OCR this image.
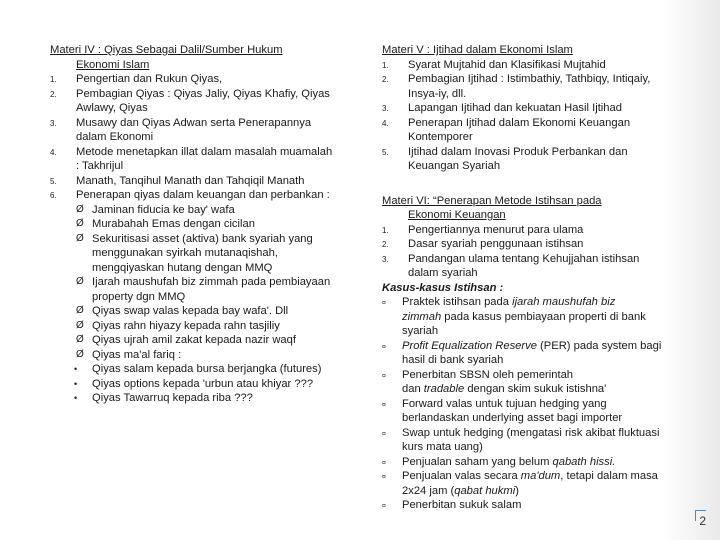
Materi IV : Qiyas Sebagai Dalil/Sumber Hukum
Ekonomi Islam

1. Pengertian dan Rukun Qiyas,
2. Pembagian Qiyas : Qiyas Jaliy, Qiyas Khafiy, Qiyas
Awlawy, Qiyas
3. Musawy dan Qiyas Adwan serta Penerapannya
dalam Ekonomi
4. Metode menetapkan illat dalam masalah muamalah
: Takhrijul
5. Manath, Tanqihul Manath dan Tahqiqil Manath
6. Penerapan qiyas dalam keuangan dan perbankan :
Ø Jaminan fiducia ke bay' wafa
Ø Murabahah Emas dengan cicilan
Ø Sekuritisasi asset (aktiva) bank syariah yang
menggunakan syirkah mutanaqishah,
mengqiyaskan hutang dengan MMQ
Ø Ijarah maushufah biz zimmah pada pembiayaan
property dgn MMQ
Ø Qiyas swap valas kepada bay wafa'. Dll
Ø Qiyas rahn hiyazy kepada rahn tasjiliy
Ø Qiyas ujrah amil zakat kepada nazir waqf
Ø Qiyas ma'al fariq :
• Qiyas salam kepada bursa berjangka (futures)
• Qiyas options kepada 'urbun atau khiyar ???
• Qiyas Tawarruq kepada riba ???

Materi V : Ijtihad dalam Ekonomi Islam

1. Syarat Mujtahid dan Klasifikasi Mujtahid
2. Pembagian Ijtihad : Istimbathiy, Tathbiqy, Intiqaiy,
Insya-iy, dll.
3. Lapangan Ijtihad dan kekuatan Hasil Ijtihad
4. Penerapan Ijtihad dalam Ekonomi Keuangan
Kontemporer
5. Ijtihad dalam Inovasi Produk Perbankan dan
Keuangan Syariah

Materi VI: “Penerapan Metode Istihsan pada
Ekonomi Keuangan

1. Pengertiannya menurut para ulama
2. Dasar syariah penggunaan istihsan
3. Pandangan ulama tentang Kehujjahan istihsan
dalam syariah

Kasus-kasus Istihsan :

¤ Praktek istihsan pada ijarah maushufah biz
zimmah pada kasus pembiayaan properti di bank
syariah
¤ Profit Equalization Reserve (PER) pada system bagi
hasil di bank syariah
¤ Penerbitan SBSN oleh pemerintah
dan tradable dengan skim sukuk istishna'
¤ Forward valas untuk tujuan hedging yang
berlandaskan underlying asset bagi importer
¤ Swap untuk hedging (mengatasi risk akibat fluktuasi
kurs mata uang)
¤ Penjualan saham yang belum qabath hissi.
¤ Penjualan valas secara ma'dum, tetapi dalam masa
2x24 jam (qabat hukmi)
¤ Penerbitan sukuk salam
2
